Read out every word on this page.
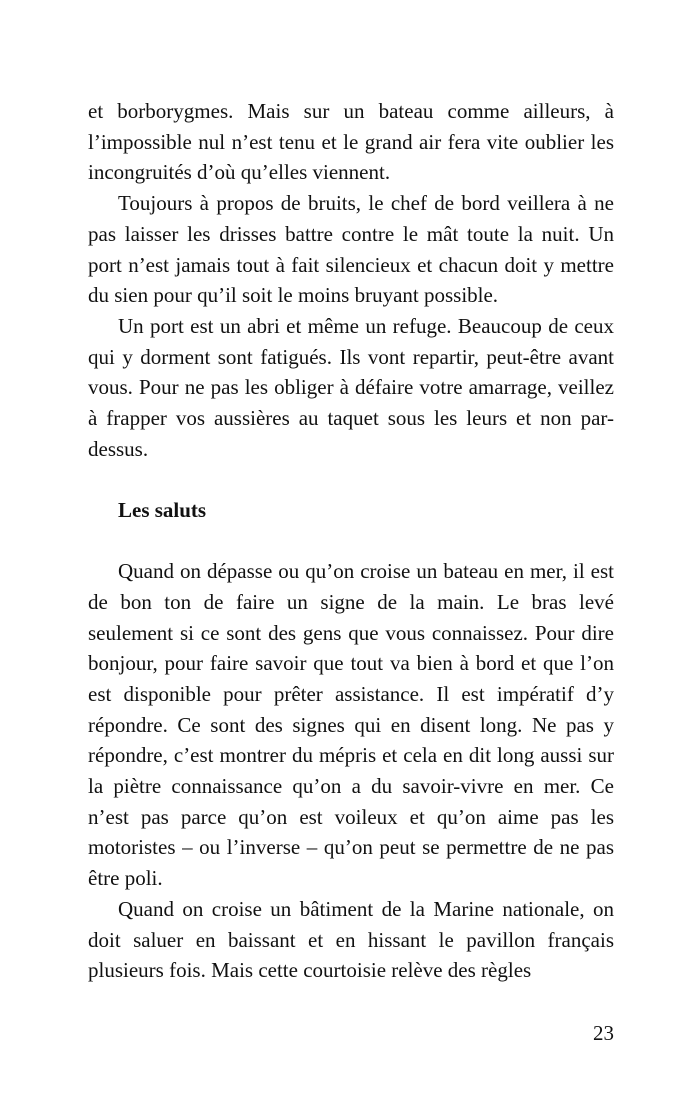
et borborygmes. Mais sur un bateau comme ailleurs, à l’impossible nul n’est tenu et le grand air fera vite oublier les incongruités d’où qu’elles viennent.

Toujours à propos de bruits, le chef de bord veillera à ne pas laisser les drisses battre contre le mât toute la nuit. Un port n’est jamais tout à fait silencieux et chacun doit y mettre du sien pour qu’il soit le moins bruyant possible.

Un port est un abri et même un refuge. Beaucoup de ceux qui y dorment sont fatigués. Ils vont repartir, peut-être avant vous. Pour ne pas les obliger à défaire votre amarrage, veillez à frapper vos aussières au taquet sous les leurs et non par-dessus.

Les saluts

Quand on dépasse ou qu’on croise un bateau en mer, il est de bon ton de faire un signe de la main. Le bras levé seulement si ce sont des gens que vous connaissez. Pour dire bonjour, pour faire savoir que tout va bien à bord et que l’on est disponible pour prêter assistance. Il est impératif d’y répondre. Ce sont des signes qui en disent long. Ne pas y répondre, c’est montrer du mépris et cela en dit long aussi sur la piètre connaissance qu’on a du savoir-vivre en mer. Ce n’est pas parce qu’on est voileux et qu’on aime pas les motoristes – ou l’inverse – qu’on peut se permettre de ne pas être poli.

Quand on croise un bâtiment de la Marine nationale, on doit saluer en baissant et en hissant le pavillon français plusieurs fois. Mais cette courtoisie relève des règles

23
